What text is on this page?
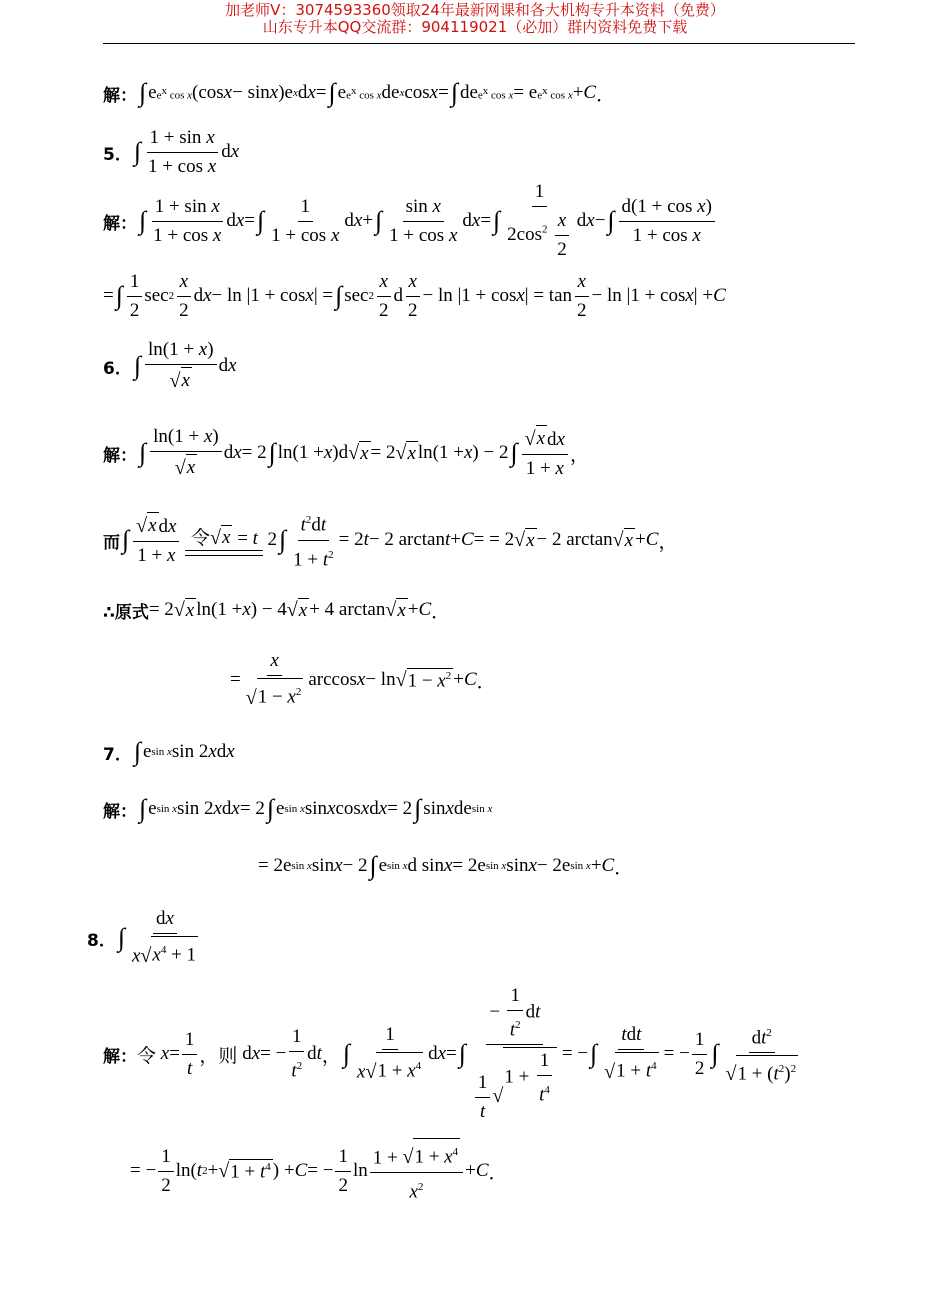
加老师V：3074593360领取24年最新网课和各大机构专升本资料（免费）
山东专升本QQ交流群：904119021（必加）群内资料免费下载
解： ∫ e $e^x$ cos x (cos x − sin x )e x d x = ∫ e $e^x$ cos x de x cos x = ∫ de $e^x$ cos x = e $e^x$ cos x + C ．
5． ∫ 1 + sin x
1 + cos x
d x
解： ∫ 1 + sin x
1 + cos x
d x = ∫ 1
1 + cos x
d x + ∫ sin x
1 + cos x
d x = ∫
1
$2\cos^2 \frac{x}{2}$ d x − ∫ d(1 + cos x)
1 + cos x
= ∫ 1
2
sec 2
x
2
d x − ln |1 + cos x | = ∫ sec 2
x
2
d
x
2
− ln |1 + cos x | = tan
x
2
− ln |1 + cos x | + C
6． ∫
ln(1 + x)
√ x
d x
解： ∫
ln(1 + x)
√ x
d x = 2 ∫ ln(1 + x )d √ x = 2 √ x ln(1 + x ) − 2 ∫ √ x dx
1 + x
，
而 ∫ √ x dx
1 + x
令 √ x = t 2 ∫ $t^2dt$
$1 + t^2$
= 2 t − 2 arctan t + C = = 2 √ x − 2 arctan √ x + C ，
∴原式 = 2 √ x ln(1 + x ) − 4 √ x + 4 arctan √ x + C ．
=
x
√ $1 - x^2$
arccos x − ln √ $1 - x^2 + C$ ．
7． ∫ e sin x sin 2 x d x
解： ∫ e sin x sin 2 x d x = 2 ∫ e sin x sin x cos x d x = 2 ∫ sin x de sin x
= 2e sin x sin x − 2 ∫ e sin x d sin x = 2e sin x sin x − 2e sin x + C ．
8． ∫
dx
x √ $x^4 + 1$
解： 令
x =
1
t
，则 d x = −
1
$t^2$
d t ， ∫
1
x √ $1 + x^4$
d x = ∫
− $\frac{1}{t^2}$ dt
$\frac{1}{t}$ √
$1 + \frac{1}{t^4}$ = − ∫
tdt
√ $1 + t^4$
= −
1
2 ∫
$dt^2$
√ $1 + (t^2)^2$
= −
1
2
ln( t 2 + √ $1 + t^4$ ) + C = −
1
2
ln
1 + √ $1 + x^4$
$x^2$
+ C ．
